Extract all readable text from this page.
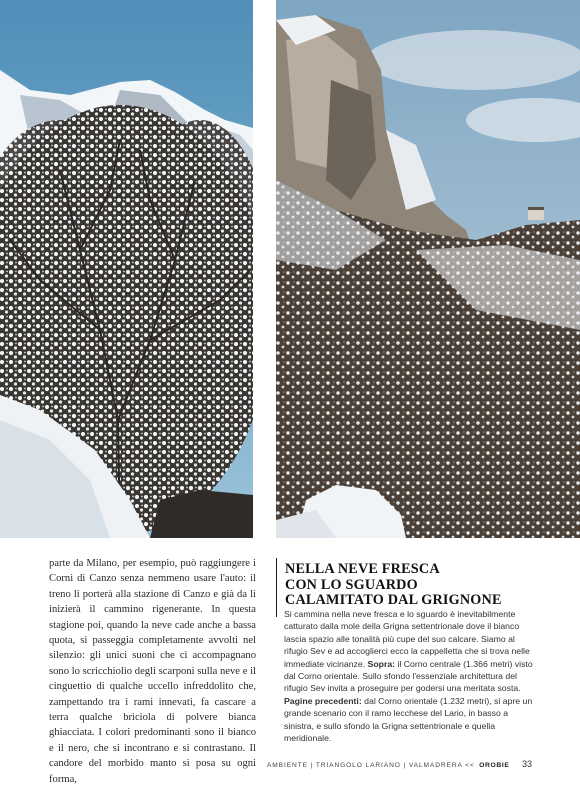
parte da Milano, per esempio, può raggiungere i Corni di Canzo senza nemmeno usare l'auto: il treno li porterà alla stazione di Canzo e già da lì inizierà il cammino rigenerante. In questa stagione poi, quando la neve cade anche a bassa quota, si passeggia completamente avvolti nel silenzio: gli unici suoni che ci accompagnano sono lo scricchiolio degli scarponi sulla neve e il cinguettio di qualche uccello infreddolito che, zampettando tra i rami innevati, fa cascare a terra qualche briciola di polvere bianca ghiacciata. I colori predominanti sono il bianco e il nero, che si incontrano e si contrastano. Il candore del morbido manto si posa su ogni forma,
NELLA NEVE FRESCA
CON LO SGUARDO
CALAMITATO DAL GRIGNONE
Si cammina nella neve fresca e lo sguardo è inevitabilmente catturato dalla mole della Grigna settentrionale dove il bianco lascia spazio alle tonalità più cupe del suo calcare. Siamo al rifugio Sev e ad accoglierci ecco la cappelletta che si trova nelle immediate vicinanze. Sopra: il Corno centrale (1.366 metri) visto dal Corno orientale. Sullo sfondo l'essenziale architettura del rifugio Sev invita a proseguire per godersi una meritata sosta. Pagine precedenti: dal Corno orientale (1.232 metri), si apre un grande scenario con il ramo lecchese del Lario, in basso a sinistra, e sullo sfondo la Grigna settentrionale e quella meridionale.
AMBIENTE | TRIANGOLO LARIANO | VALMADRERA << OROBIE 33
